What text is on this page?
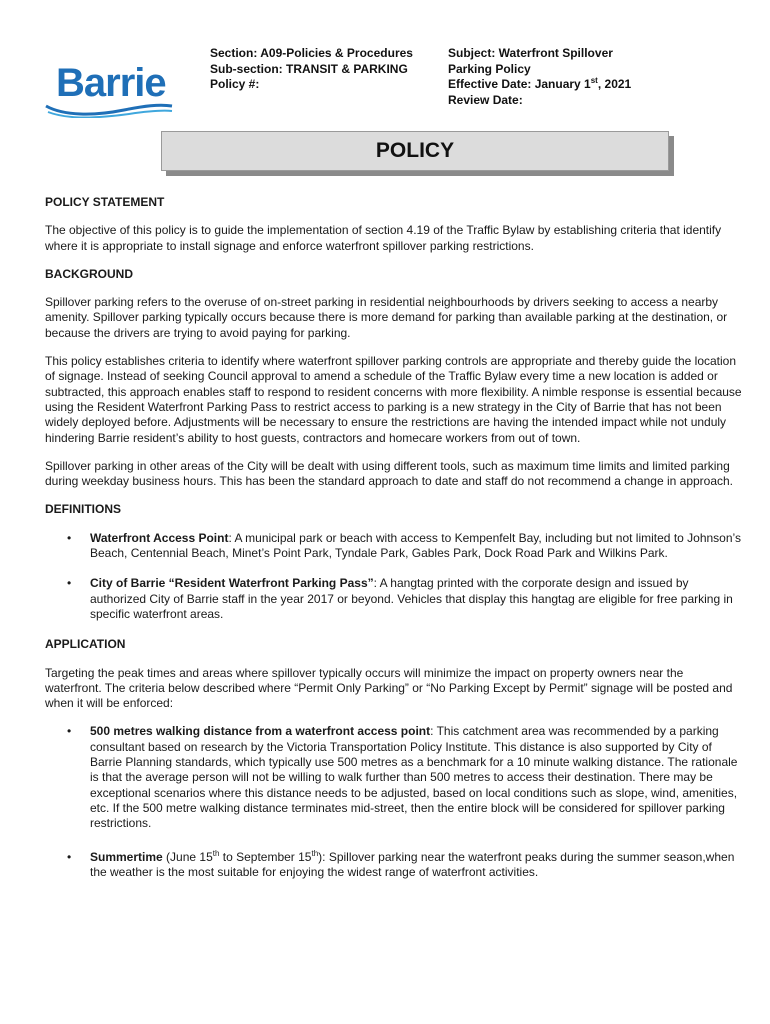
Barrie
Section: A09-Policies & Procedures
Sub-section: TRANSIT & PARKING
Policy #:
Subject: Waterfront Spillover
Parking Policy
Effective Date: January 1st, 2021
Review Date:
POLICY
POLICY STATEMENT

The objective of this policy is to guide the implementation of section 4.19 of the Traffic Bylaw by establishing criteria that identify where it is appropriate to install signage and enforce waterfront spillover parking restrictions.

BACKGROUND

Spillover parking refers to the overuse of on-street parking in residential neighbourhoods by drivers seeking to access a nearby amenity. Spillover parking typically occurs because there is more demand for parking than available parking at the destination, or because the drivers are trying to avoid paying for parking.

This policy establishes criteria to identify where waterfront spillover parking controls are appropriate and thereby guide the location of signage. Instead of seeking Council approval to amend a schedule of the Traffic Bylaw every time a new location is added or subtracted, this approach enables staff to respond to resident concerns with more flexibility. A nimble response is essential because using the Resident Waterfront Parking Pass to restrict access to parking is a new strategy in the City of Barrie that has not been widely deployed before. Adjustments will be necessary to ensure the restrictions are having the intended impact while not unduly hindering Barrie resident’s ability to host guests, contractors and homecare workers from out of town.

Spillover parking in other areas of the City will be dealt with using different tools, such as maximum time limits and limited parking during weekday business hours. This has been the standard approach to date and staff do not recommend a change in approach.

DEFINITIONS
• Waterfront Access Point: A municipal park or beach with access to Kempenfelt Bay, including but not limited to Johnson’s Beach, Centennial Beach, Minet’s Point Park, Tyndale Park, Gables Park, Dock Road Park and Wilkins Park.
• City of Barrie “Resident Waterfront Parking Pass”: A hangtag printed with the corporate design and issued by authorized City of Barrie staff in the year 2017 or beyond. Vehicles that display this hangtag are eligible for free parking in specific waterfront areas.
APPLICATION

Targeting the peak times and areas where spillover typically occurs will minimize the impact on property owners near the waterfront. The criteria below described where “Permit Only Parking” or “No Parking Except by Permit” signage will be posted and when it will be enforced:

• 500 metres walking distance from a waterfront access point: This catchment area was recommended by a parking consultant based on research by the Victoria Transportation Policy Institute. This distance is also supported by City of Barrie Planning standards, which typically use 500 metres as a benchmark for a 10 minute walking distance. The rationale is that the average person will not be willing to walk further than 500 metres to access their destination. There may be exceptional scenarios where this distance needs to be adjusted, based on local conditions such as slope, wind, amenities, etc. If the 500 metre walking distance terminates mid-street, then the entire block will be considered for spillover parking restrictions.
• Summertime (June 15th to September 15th): Spillover parking near the waterfront peaks during the summer season,when the weather is the most suitable for enjoying the widest range of waterfront activities.
